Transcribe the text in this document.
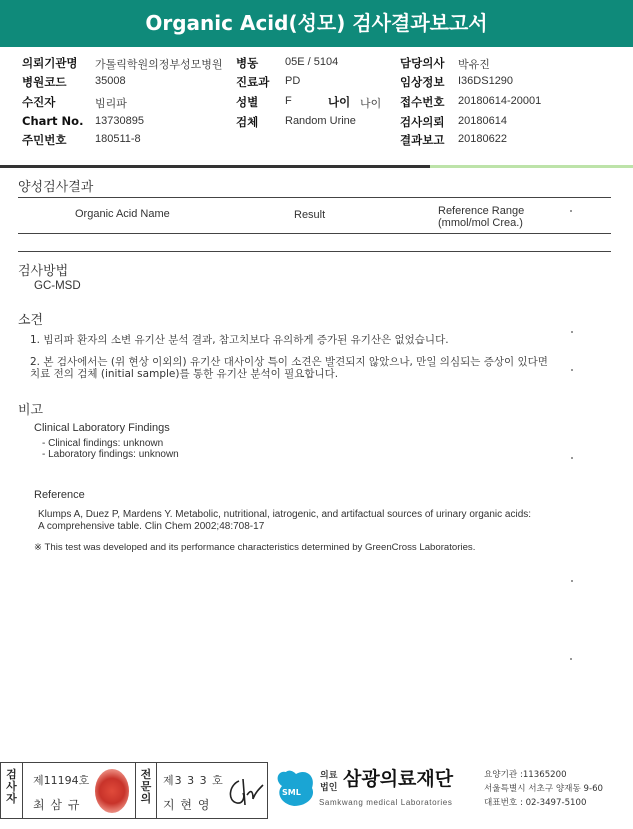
Organic Acid(성모) 검사결과보고서
의뢰기관명 가톨릭학원의정부성모병원
병원코드	35008
수진자	빔리파
Chart No. 13730895
주민번호	180511-8
병동 05E / 5104
진료과 PD
성별 F	나이 나이
검체 Random Urine
담당의사 박유진
임상정보 I36DS1290
접수번호 20180614-20001
검사의뢰 20180614
결과보고 20180622
양성검사결과
Organic Acid Name	Result	Reference Range
(mmol/mol Crea.)
검사방법
GC-MSD
소견
1. 빔리파 환자의 소변 유기산 분석 결과, 참고치보다 유의하게 증가된 유기산은 없었습니다.
2. 본 검사에서는 (위 현상 이외의) 유기산 대사이상 특이 소견은 발견되지 않았으나, 만일 의심되는 증상이 있다면
치료 전의 검체 (initial sample)를 통한 유기산 분석이 필요합니다.
비고
Clinical Laboratory Findings
- Clinical findings: unknown
- Laboratory findings: unknown
Reference
Klumps A, Duez P, Mardens Y. Metabolic, nutritional, iatrogenic, and artifactual sources of urinary organic acids:
A comprehensive table. Clin Chem 2002;48:708-17
※ This test was developed and its performance characteristics determined by GreenCross Laboratories.
검사자
제11194호
최 삼 규
전문의
제3 3 3 호
지 현 영
SML
의료
법인 삼광의료재단
Samkwang medical Laboratories
요양기관 :11365200
서울특별시 서초구 양재동 9-60
대표번호 : 02-3497-5100
